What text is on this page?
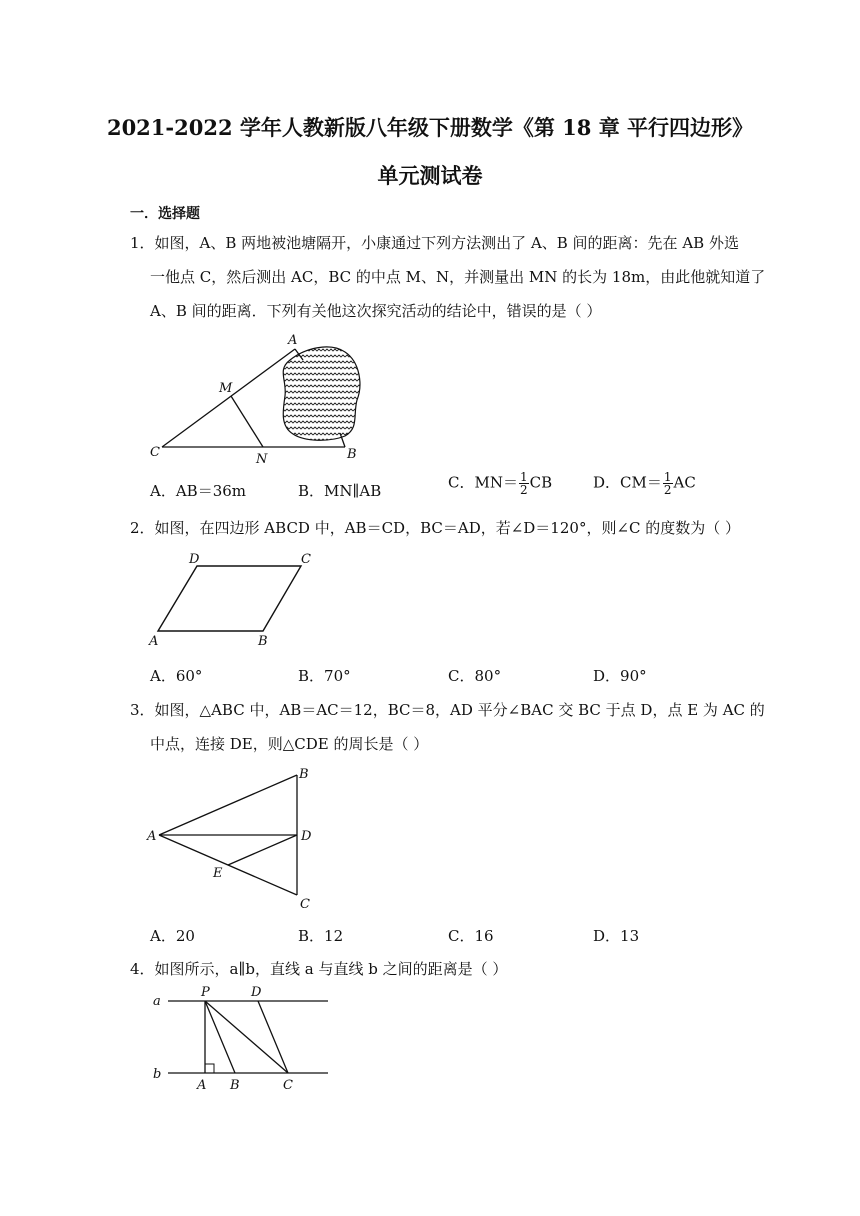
2021-2022 学年人教新版八年级下册数学《第 18 章 平行四边形》
单元测试卷
一．选择题
1．如图，A、B 两地被池塘隔开，小康通过下列方法测出了 A、B 间的距离：先在 AB 外选
一他点 C，然后测出 AC，BC 的中点 M、N，并测量出 MN 的长为 18m，由此他就知道了
A、B 间的距离．下列有关他这次探究活动的结论中，错误的是（ ）
A
M
C	N	B
A．AB＝36m	B．MN∥AB	C．$MN= \frac{1}{2}$ CB	D．$CM= \frac{1}{2}$ AC
2．如图，在四边形 ABCD 中，AB＝CD，BC＝AD，若∠D＝120°，则∠C 的度数为（ ）
D	C
A	B
A．60°	B．70°	C．80°	D．90°
3．如图，△ABC 中，AB＝AC＝12，BC＝8，AD 平分∠BAC 交 BC 于点 D，点 E 为 AC 的
中点，连接 DE，则△CDE 的周长是（ ）
B
A	D
E
C
A．20	B．12	C．16	D．13
4．如图所示，a∥b，直线 a 与直线 b 之间的距离是（ ）
a
b
P	D
A B	C
